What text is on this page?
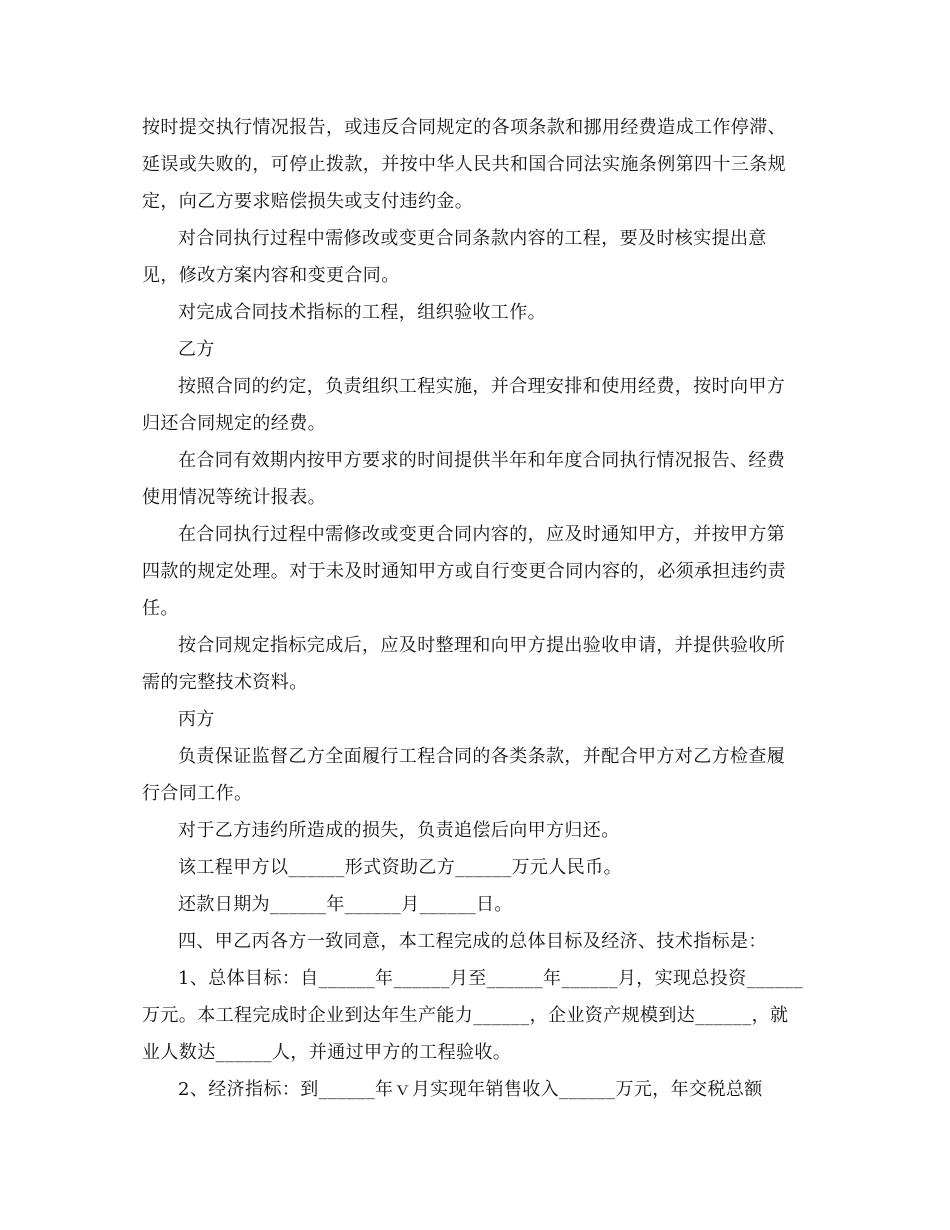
按时提交执行情况报告，或违反合同规定的各项条款和挪用经费造成工作停滞、
延误或失败的，可停止拨款，并按中华人民共和国合同法实施条例第四十三条规
定，向乙方要求赔偿损失或支付违约金。

对合同执行过程中需修改或变更合同条款内容的工程，要及时核实提出意
见，修改方案内容和变更合同。

对完成合同技术指标的工程，组织验收工作。

乙方

按照合同的约定，负责组织工程实施，并合理安排和使用经费，按时向甲方
归还合同规定的经费。

在合同有效期内按甲方要求的时间提供半年和年度合同执行情况报告、经费
使用情况等统计报表。

在合同执行过程中需修改或变更合同内容的，应及时通知甲方，并按甲方第
四款的规定处理。对于未及时通知甲方或自行变更合同内容的，必须承担违约责
任。

按合同规定指标完成后，应及时整理和向甲方提出验收申请，并提供验收所
需的完整技术资料。

丙方

负责保证监督乙方全面履行工程合同的各类条款，并配合甲方对乙方检查履
行合同工作。

对于乙方违约所造成的损失，负责追偿后向甲方归还。

该工程甲方以______形式资助乙方______万元人民币。

还款日期为______年______月______日。

四、甲乙丙各方一致同意，本工程完成的总体目标及经济、技术指标是：

1、总体目标：自______年______月至______年______月，实现总投资______
万元。本工程完成时企业到达年生产能力______，企业资产规模到达______，就
业人数达______人，并通过甲方的工程验收。

2、经济指标：到______年ｖ月实现年销售收入______万元，年交税总额
